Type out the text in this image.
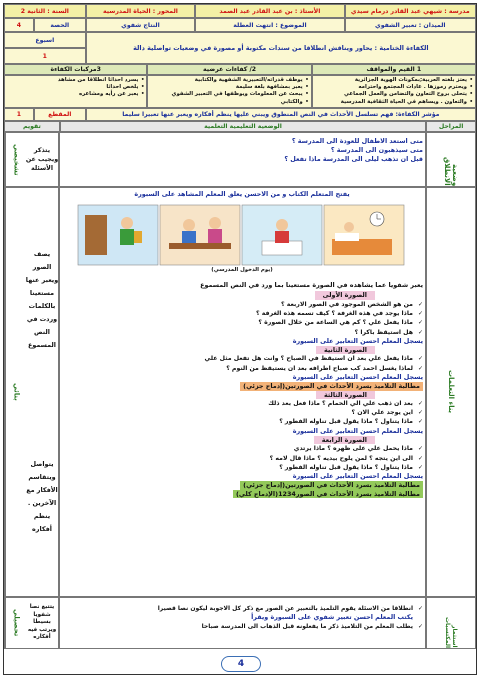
مدرسة : شيهي عبد القادر درمام سيدي
الأستاذ : بن عبد القادر عبد الصمد
المحور : الحياة المدرسية
السنة : الثانية 2
الميدان : تعبير الشفوي
الموضوع : انتهت العطلة
النتاج شفوي
الحصة
4
الكفاءة الختامية : يحاور ويناقش انطلاقا من سندات مكتوبة أو مصورة في وضعيات تواصلية دالة
اسبوع
1
1 القيم والمواقف
2/ كفاءات عرضية
3مركبات الكفاءة
• يعتز بلغته العربية;بمكونات الهوية الجزائرية
• ويحترم رموزها . عادات المجتمع واحترامه
• يتحلى بروح التعاون والتضامن والعمل الجماعي
• والتعاون . ويساهم في الحياة الثقافية المدرسية
• يوظف قدراته/التعبيرية الشفهية والكتابية
• يعبر بمشافهة بلغة سليمة
• يبحث عن المعلومات ويوظفها في التعبير الشفوي
• والكتابي
• يسرد احداثا انطلاقا من مشاهد
• يلخص احداثا
• يعبر عن رأيه ومشاعره
مؤشر الكفاءة: فهم تسلسل الأحداث في النص المنطوق ويبني عليها ينظم أفكاره ويعبر عنها تعبيرا سليما
المقطع
1
المراحل
الوضعية التعليمية التعلمية
تقويم
وضعية الانطلاق
متى استعد الاطفال للعودة الى المدرسة ؟
متى سيذهبون الى المدرسة ؟
قبل ان تذهب ليلى الى المدرسة ماذا تفعل ؟
يتذكر ويجيب عن الأسئلة
تشخيصي
بناء التعلمات
يفتح المتعلم الكتاب و من الاحسن يعلق المعلم المشاهد على السبورة
(يوم الدخول المدرسي)
يعبر شفويا عما يشاهده في الصورة مستعينا بما ورد في النص المسموع
الصورة الأولى
✓ من هو الشخص الموجود في الصور الاربعة ؟
✓ ماذا يوجد في هذه الغرفة ؟ كيف تسمه هذه الغرفة ؟
✓ ماذا يفعل علي ؟ كم هي الساعة من خلال الصورة ؟
✓ هل استيقظ باكرا ؟
يسجل المعلم احسن التعابير على السبورة
الصورة الثانية
✓ ماذا يفعل علي بعد ان استيقظ في الصباح ؟ وانت هل تفعل مثل علي
✓ لماذا يغسل احمد كب صباح اطرافه بعد ان يستيقظ من النوم ؟
يسجل المعلم احسن التعابير على السبورة
مطالبة التلاميذ بسرد الأحداث في الصورتين(إدماج جزئي)
الصورة الثالثة
✓ بعد ان ذهب علي الي الحمام ؟ ماذا فعل بعد ذلك
✓ اين يوجد علي الان ؟
✓ ماذا يتناول ؟ ماذا يقول قبل تناوله الفطور ؟
يسجل المعلم احسن التعابير على السبورة
الصورة الرابعة
✓ ماذا يحمل علي على ظهره ؟ ماذا يرتدي
✓ الى اين يتجه ؟ لمن يلوح بيديه ؟ ماذا قال لامه ؟
✓ ماذا يتناول ؟ ماذا يقول قبل تناوله الفطور ؟
يسجل المعلم احسن التعابير على السبورة
مطالبة التلاميذ بسرد الأحداث في الصورتين(إدماج جزئي)
مطالبة التلاميذ بسرد الأحداث في الصور1234(الإدماج كلي)
يصف الصور ويعبر عنها مستعينا بالكلمات وردت في النص المسموع
يتواصل ويتقاسم الأفكار مع الآخرين . ينظم أفكاره
بنائي
استثمار المكتسبات
✓ انطلاقا من الاسئلة يقوم التلميذ بالتعبير عن الصور مع ذكر كل الاجوبة ليكون نصا قصيرا
يكتب المعلم احسن تعبير شفوي على السبورة ويقرأ
✓ يطلب المعلم من التلاميذ ذكر ما يفعلونه قبل الذهاب الى المدرسة صباحا
يتتبع نصا شفويا بسيطا ويرتب فيه أفكاره
تحصيلي
4
